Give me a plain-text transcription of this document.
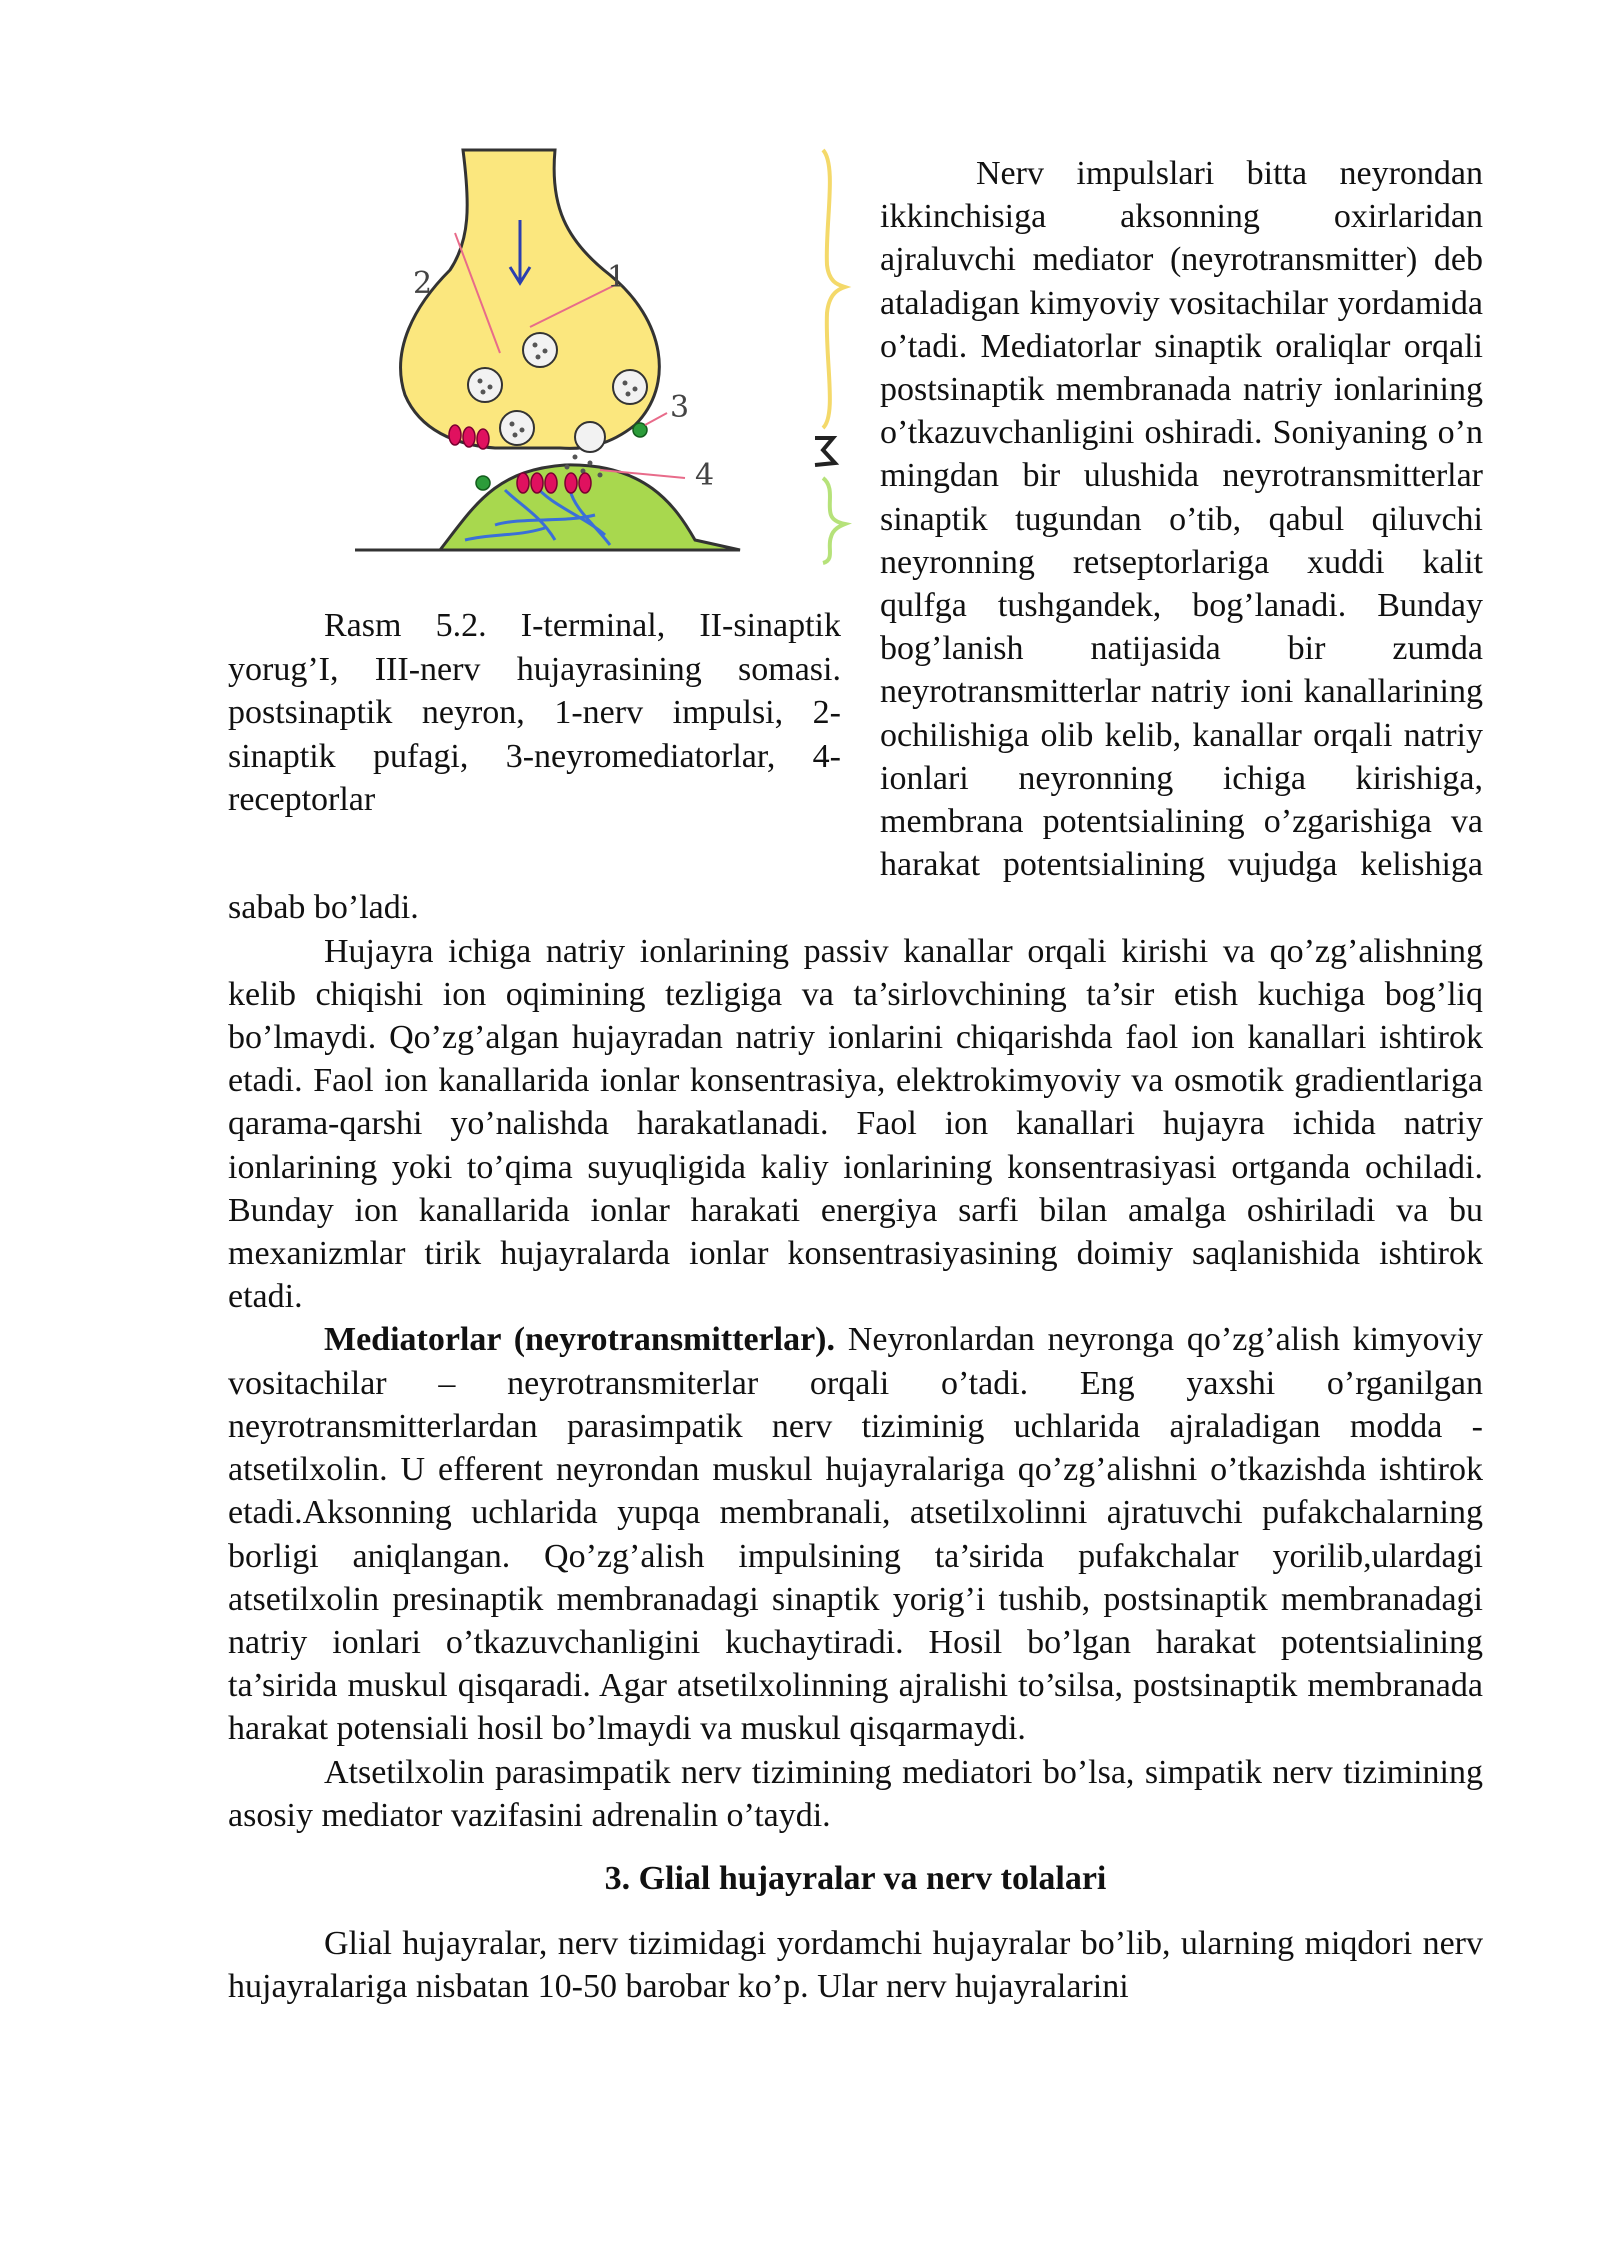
1
2
3
4

Rasm 5.2. I-terminal, II-sinaptik yorug’I, III-nerv hujayrasining somasi. postsinaptik neyron, 1-nerv impulsi, 2-sinaptik pufagi, 3-neyromediatorlar, 4-receptorlar

Nerv impulslari bitta neyrondan ikkinchisiga aksonning oxirlaridan ajraluvchi mediator (neyrotransmitter) deb ataladigan kimyoviy vositachilar yordamida o’tadi. Mediatorlar sinaptik oraliqlar orqali postsinaptik membranada natriy ionlarining o’tkazuvchanligini oshiradi. Soniyaning o’n mingdan bir ulushida neyrotransmitterlar sinaptik tugundan o’tib, qabul qiluvchi neyronning retseptorlariga xuddi kalit qulfga tushgandek, bog’lanadi. Bunday bog’lanish natijasida bir zumda neyrotransmitterlar natriy ioni kanallarining ochilishiga olib kelib, kanallar orqali natriy ionlari neyronning ichiga kirishiga, membrana potentsialining o’zgarishiga va harakat potentsialining vujudga kelishiga sabab bo’ladi.

Hujayra ichiga natriy ionlarining passiv kanallar orqali kirishi va qo’zg’alishning kelib chiqishi ion oqimining tezligiga va ta’sirlovchining ta’sir etish kuchiga bog’liq bo’lmaydi. Qo’zg’algan hujayradan natriy ionlarini chiqarishda faol ion kanallari ishtirok etadi. Faol ion kanallarida ionlar konsentrasiya, elektrokimyoviy va osmotik gradientlariga qarama-qarshi yo’nalishda harakatlanadi. Faol ion kanallari hujayra ichida natriy ionlarining yoki to’qima suyuqligida kaliy ionlarining konsentrasiyasi ortganda ochiladi. Bunday ion kanallarida ionlar harakati energiya sarfi bilan amalga oshiriladi va bu mexanizmlar tirik hujayralarda ionlar konsentrasiyasining doimiy saqlanishida ishtirok etadi.

Mediatorlar (neyrotransmitterlar). Neyronlardan neyronga qo’zg’alish kimyoviy vositachilar – neyrotransmiterlar orqali o’tadi. Eng yaxshi o’rganilgan neyrotransmitterlardan parasimpatik nerv tiziminig uchlarida ajraladigan modda - atsetilxolin. U efferent neyrondan muskul hujayralariga qo’zg’alishni o’tkazishda ishtirok etadi.Aksonning uchlarida yupqa membranali, atsetilxolinni ajratuvchi pufakchalarning borligi aniqlangan. Qo’zg’alish impulsining ta’sirida pufakchalar yorilib,ulardagi atsetilxolin presinaptik membranadagi sinaptik yorig’i tushib, postsinaptik membranadagi natriy ionlari o’tkazuvchanligini kuchaytiradi. Hosil bo’lgan harakat potentsialining ta’sirida muskul qisqaradi. Agar atsetilxolinning ajralishi to’silsa, postsinaptik membranada harakat potensiali hosil bo’lmaydi va muskul qisqarmaydi.

Atsetilxolin parasimpatik nerv tizimining mediatori bo’lsa, simpatik nerv tizimining asosiy mediator vazifasini adrenalin o’taydi.

3. Glial hujayralar va nerv tolalari

Glial hujayralar, nerv tizimidagi yordamchi hujayralar bo’lib, ularning miqdori nerv hujayralariga nisbatan 10-50 barobar ko’p. Ular nerv hujayralarini
